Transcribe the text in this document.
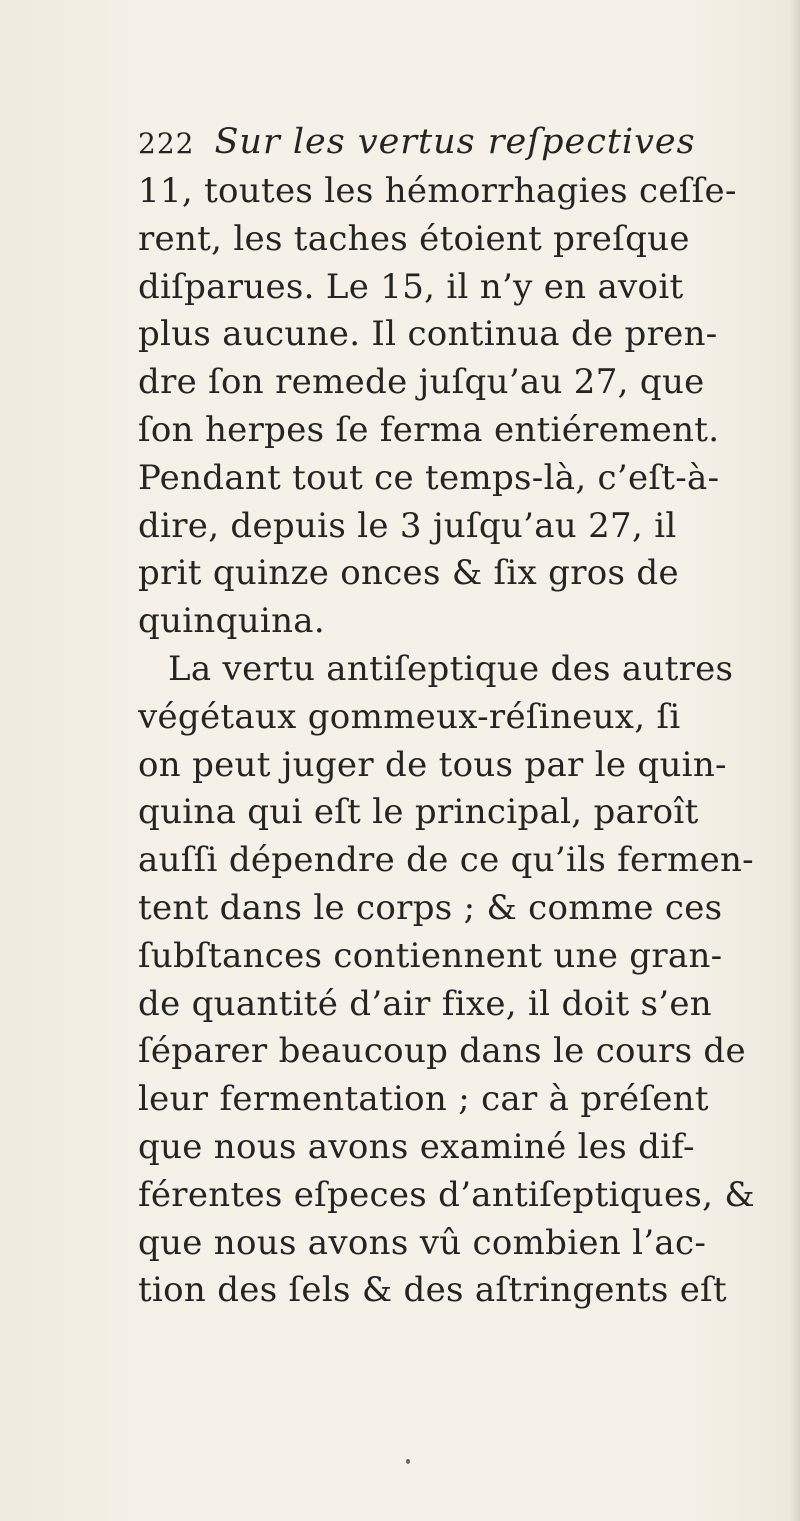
222 Sur les vertus reſpectives
11, toutes les hémorrhagies ceſſe-
rent, les taches étoient preſque
diſparues. Le 15, il n’y en avoit
plus aucune. Il continua de pren-
dre ſon remede juſqu’au 27, que
ſon herpes ſe ferma entiérement.
Pendant tout ce temps-là, c’eſt-à-
dire, depuis le 3 juſqu’au 27, il
prit quinze onces & ſix gros de
quinquina.
La vertu antiſeptique des autres
végétaux gommeux-réſineux, ſi
on peut juger de tous par le quin-
quina qui eſt le principal, paroît
auſſi dépendre de ce qu’ils fermen-
tent dans le corps ; & comme ces
ſubſtances contiennent une gran-
de quantité d’air fixe, il doit s’en
ſéparer beaucoup dans le cours de
leur fermentation ; car à préſent
que nous avons examiné les dif-
férentes eſpeces d’antiſeptiques, &
que nous avons vû combien l’ac-
tion des ſels & des aſtringents eſt
